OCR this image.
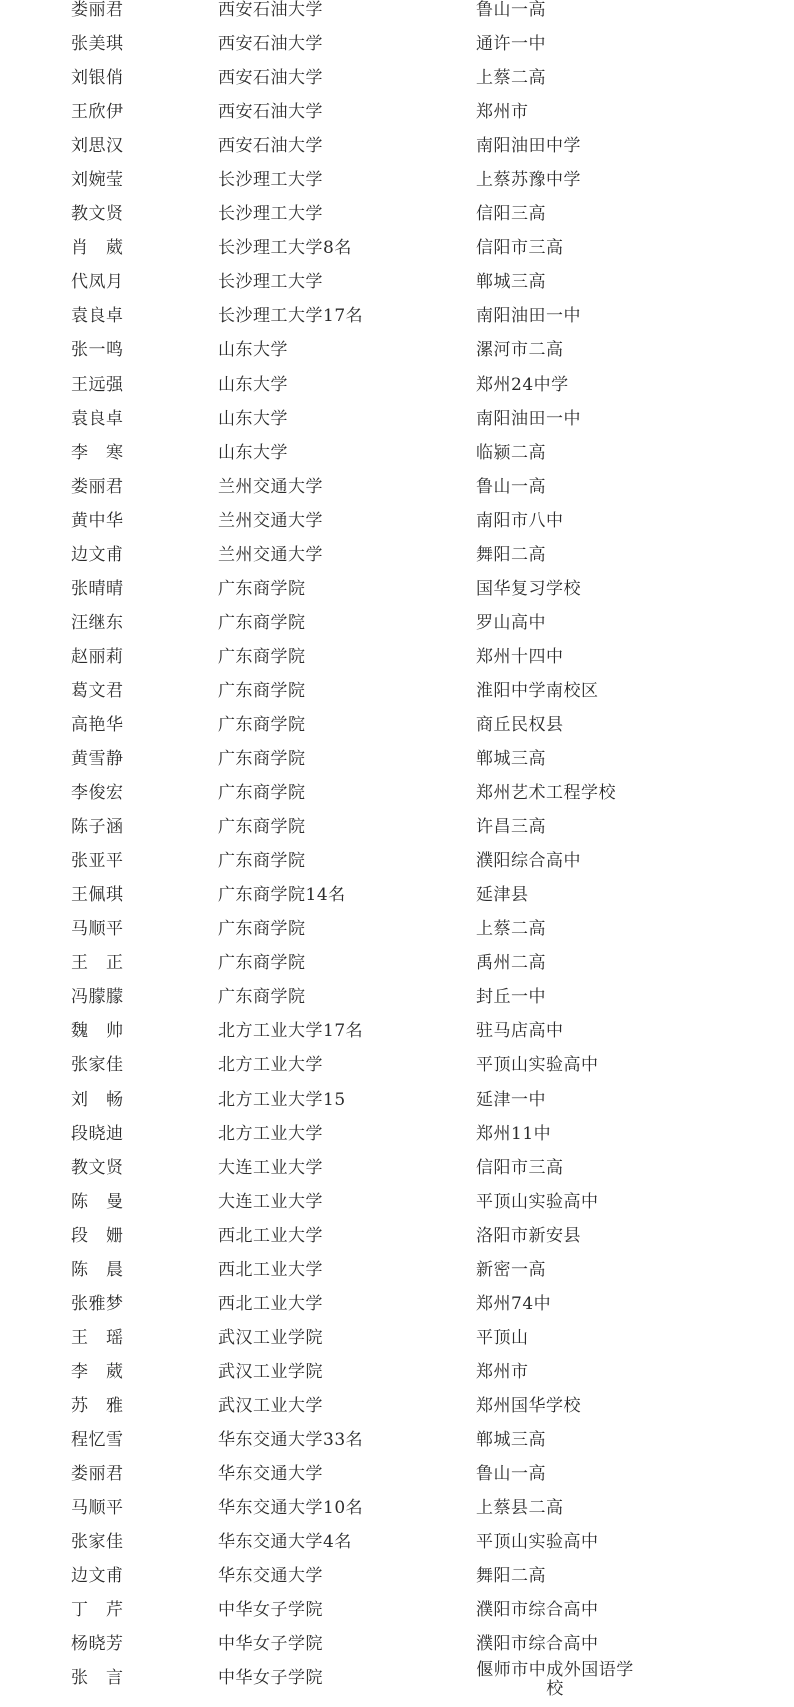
娄丽君	西安石油大学	鲁山一高
张美琪	西安石油大学	通许一中
刘银俏	西安石油大学	上蔡二高
王欣伊	西安石油大学	郑州市
刘思汉	西安石油大学	南阳油田中学
刘婉莹	长沙理工大学	上蔡苏豫中学
教文贤	长沙理工大学	信阳三高
肖　葳	长沙理工大学8名	信阳市三高
代凤月	长沙理工大学	郸城三高
袁良卓	长沙理工大学17名	南阳油田一中
张一鸣	山东大学	漯河市二高
王远强	山东大学	郑州24中学
袁良卓	山东大学	南阳油田一中
李　寒	山东大学	临颍二高
娄丽君	兰州交通大学	鲁山一高
黄中华	兰州交通大学	南阳市八中
边文甫	兰州交通大学	舞阳二高
张晴晴	广东商学院	国华复习学校
汪继东	广东商学院	罗山高中
赵丽莉	广东商学院	郑州十四中
葛文君	广东商学院	淮阳中学南校区
高艳华	广东商学院	商丘民权县
黄雪静	广东商学院	郸城三高
李俊宏	广东商学院	郑州艺术工程学校
陈子涵	广东商学院	许昌三高
张亚平	广东商学院	濮阳综合高中
王佩琪	广东商学院14名	延津县
马顺平	广东商学院	上蔡二高
王　正	广东商学院	禹州二高
冯朦朦	广东商学院	封丘一中
魏　帅	北方工业大学17名	驻马店高中
张家佳	北方工业大学	平顶山实验高中
刘　畅	北方工业大学15	延津一中
段晓迪	北方工业大学	郑州11中
教文贤	大连工业大学	信阳市三高
陈　曼	大连工业大学	平顶山实验高中
段　姗	西北工业大学	洛阳市新安县
陈　晨	西北工业大学	新密一高
张雅梦	西北工业大学	郑州74中
王　瑶	武汉工业学院	平顶山
李　葳	武汉工业学院	郑州市
苏　雅	武汉工业大学	郑州国华学校
程忆雪	华东交通大学33名	郸城三高
娄丽君	华东交通大学	鲁山一高
马顺平	华东交通大学10名	上蔡县二高
张家佳	华东交通大学4名	平顶山实验高中
边文甫	华东交通大学	舞阳二高
丁　芹	中华女子学院	濮阳市综合高中
杨晓芳	中华女子学院	濮阳市综合高中
张　言	中华女子学院	偃师市中成外国语学校
